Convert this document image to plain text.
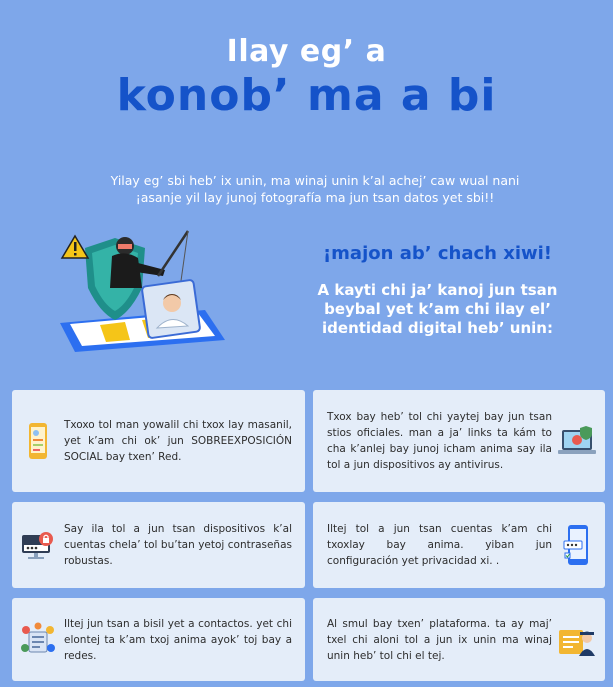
Ilay eg’ a
konob’ ma a bi
Yilay eg’ sbi heb’ ix unin, ma winaj unin k’al achej’ caw wual nani
¡asanje yil lay junoj fotografía ma jun tsan datos yet sbi!!
¡majon ab’ chach xiwi!
A kayti chi ja’ kanoj jun tsan beybal yet k’am chi ilay el’ identidad digital heb’ unin:
Txoxo tol man yowalil chi txox lay masanil, yet k’am chi ok’ jun SOBREEXPOSICIÓN SOCIAL bay txen’ Red.
Txox bay heb’ tol chi yaytej bay jun tsan stios oficiales. man a ja’ links ta kám to cha k’anlej bay junoj icham anima say ila tol a jun dispositivos ay antivirus.
Say ila tol a jun tsan dispositivos k’al cuentas chela’ tol bu’tan yetoj contraseñas robustas.
Iltej tol a jun tsan cuentas k’am chi txoxlay bay anima. yiban jun configuración yet privacidad xi. .
Iltej jun tsan a bisil yet a contactos. yet chi elontej ta k’am txoj anima ayok’ toj bay a redes.
Al smul bay txen’ plataforma. ta ay maj’ txel chi aloni tol a jun ix unin ma winaj unin heb’ tol chi el tej.
